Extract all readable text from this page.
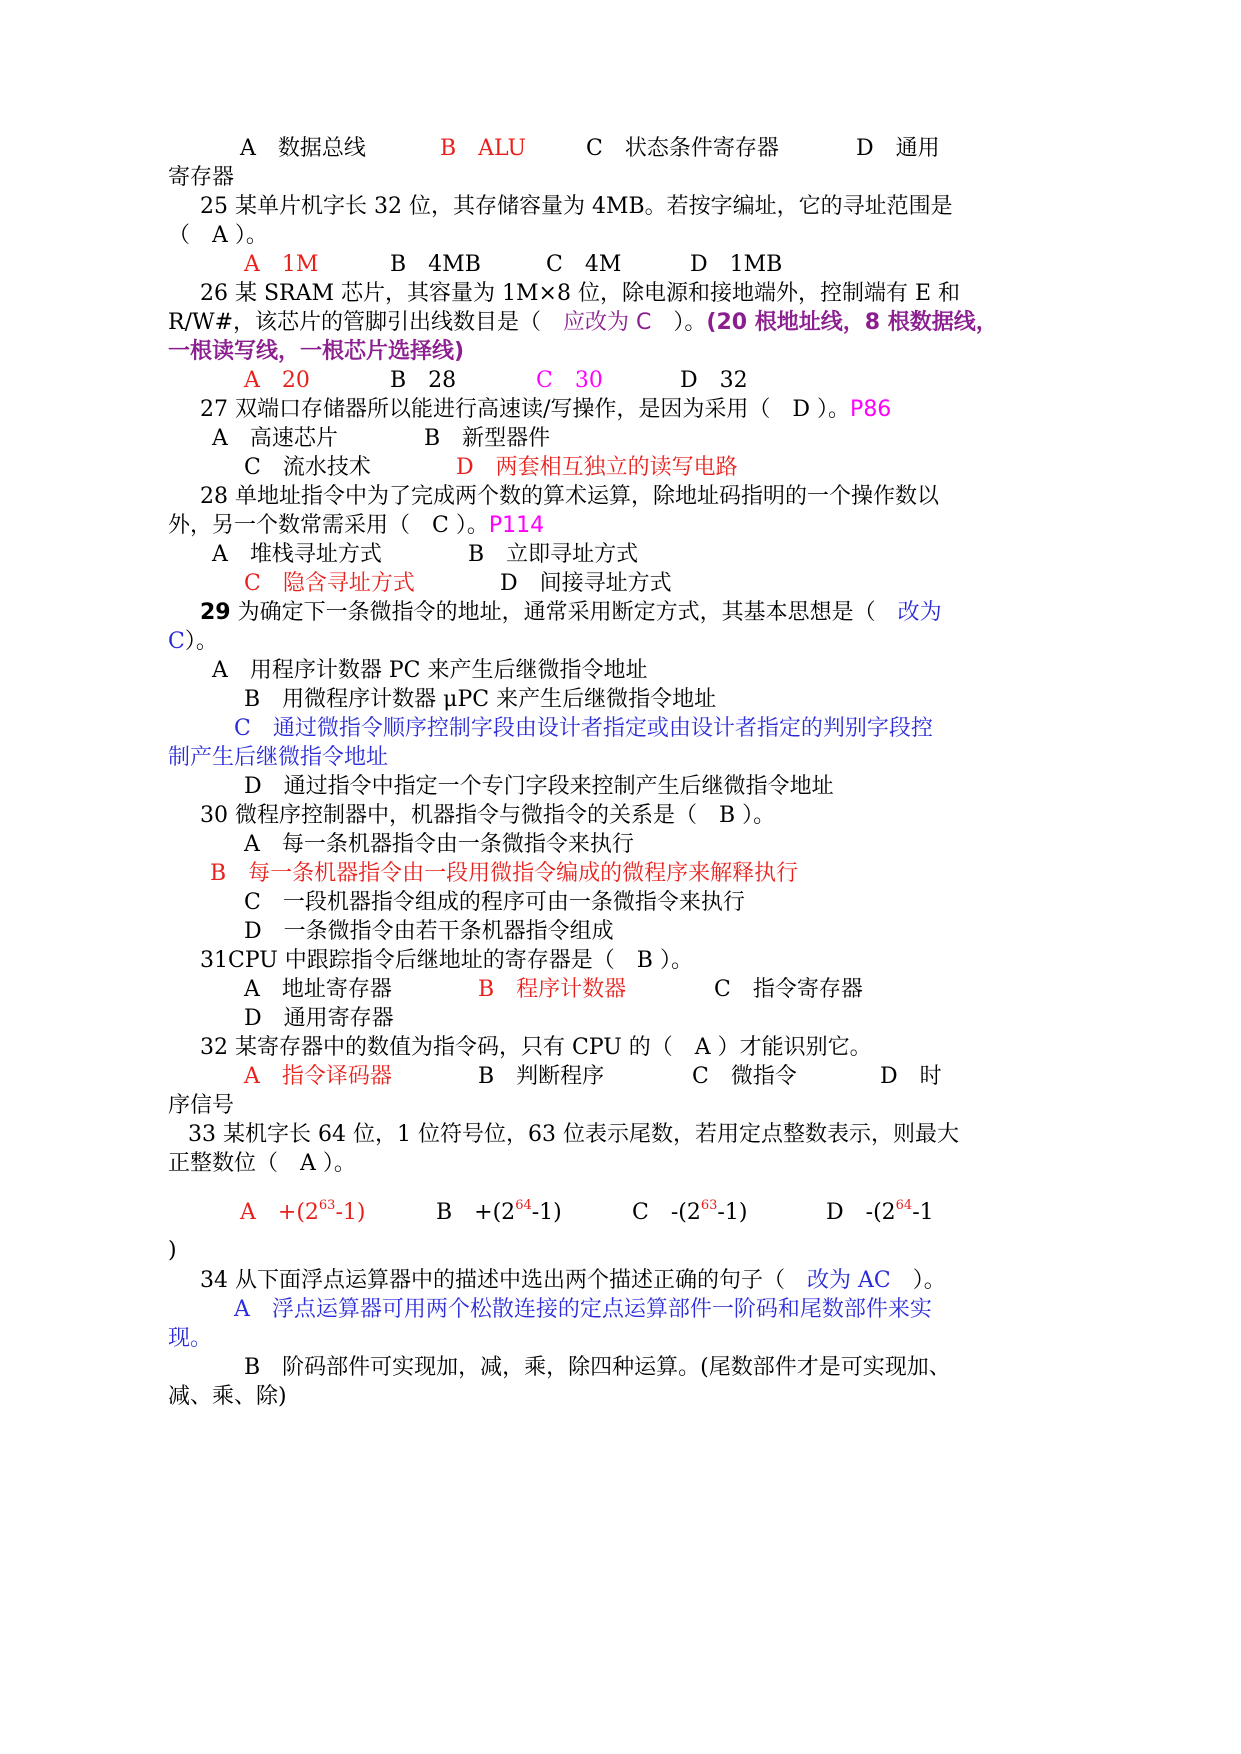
A　数据总线	B　ALU	C　状态条件寄存器	D　通用
寄存器
25 某单片机字长 32 位，其存储容量为 4MB。若按字编址，它的寻址范围是
（　A ）。
A　1M	B　4MB	C　4M	D　1MB
26 某 SRAM 芯片，其容量为 1M×8 位，除电源和接地端外，控制端有 E 和
R/W#，该芯片的管脚引出线数目是（　应改为 C　 ）。(20 根地址线，8 根数据线，
一根读写线，一根芯片选择线)
A　20	B　28	C　30	D　32
27 双端口存储器所以能进行高速读/写操作，是因为采用（　D ）。P86
A　高速芯片	B　新型器件
C　流水技术	D　两套相互独立的读写电路
28 单地址指令中为了完成两个数的算术运算，除地址码指明的一个操作数以
外，另一个数常需采用（　C ）。P114
A　堆栈寻址方式	B　立即寻址方式
C　隐含寻址方式	D　间接寻址方式
29 为确定下一条微指令的地址，通常采用断定方式，其基本思想是（　改为
C）。
A　用程序计数器 PC 来产生后继微指令地址
B　用微程序计数器 μPC 来产生后继微指令地址
C　通过微指令顺序控制字段由设计者指定或由设计者指定的判别字段控
制产生后继微指令地址
D　通过指令中指定一个专门字段来控制产生后继微指令地址
30 微程序控制器中，机器指令与微指令的关系是（　B ）。
A　每一条机器指令由一条微指令来执行
B　每一条机器指令由一段用微指令编成的微程序来解释执行
C　一段机器指令组成的程序可由一条微指令来执行
D　一条微指令由若干条机器指令组成
31CPU 中跟踪指令后继地址的寄存器是（　B ）。
A　地址寄存器	B　程序计数器	C　指令寄存器
D　通用寄存器
32 某寄存器中的数值为指令码，只有 CPU 的（　A ）才能识别它。
A　指令译码器	B　判断程序	C　微指令	D　时
序信号
33 某机字长 64 位，1 位符号位，63 位表示尾数，若用定点整数表示，则最大
正整数位（　A ）。
A　$+(2^{63}-1)$	B　$+(2^{64}-1)$	C　$-(2^{63}-1)$	D　$-(2^{64}-1$
)
34 从下面浮点运算器中的描述中选出两个描述正确的句子（　改为 AC　 ）。
A　浮点运算器可用两个松散连接的定点运算部件一阶码和尾数部件来实
现。
B　阶码部件可实现加，减，乘，除四种运算。(尾数部件才是可实现加、
减、乘、除)
